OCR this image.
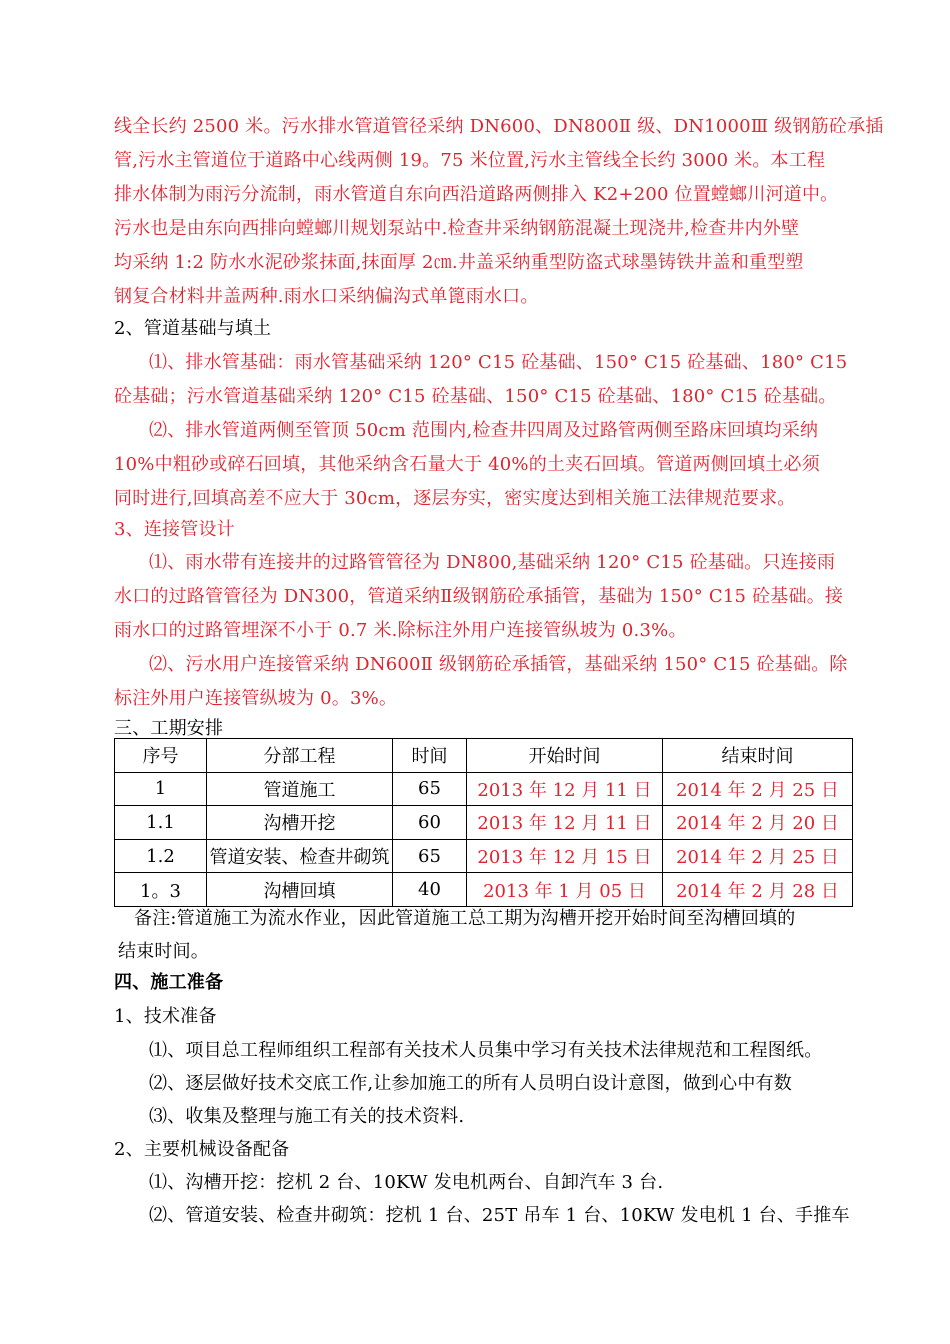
线全长约 2500 米。污水排水管道管径采纳 DN600、DN800Ⅱ 级、DN1000Ⅲ 级钢筋砼承插
管,污水主管道位于道路中心线两侧 19。75 米位置,污水主管线全长约 3000 米。本工程
排水体制为雨污分流制，雨水管道自东向西沿道路两侧排入 K2+200 位置螳螂川河道中。
污水也是由东向西排向螳螂川规划泵站中.检查井采纳钢筋混凝土现浇井,检查井内外壁
均采纳 1:2 防水水泥砂浆抹面,抹面厚 2㎝.井盖采纳重型防盗式球墨铸铁井盖和重型塑
钢复合材料井盖两种.雨水口采纳偏沟式单篦雨水口。
2、管道基础与填土
⑴、排水管基础：雨水管基础采纳 120° C15 砼基础、150° C15 砼基础、180° C15
砼基础；污水管道基础采纳 120° C15 砼基础、150° C15 砼基础、180° C15 砼基础。
⑵、排水管道两侧至管顶 50cm 范围内,检查井四周及过路管两侧至路床回填均采纳
10%中粗砂或碎石回填，其他采纳含石量大于 40%的土夹石回填。管道两侧回填土必须
同时进行,回填高差不应大于 30cm，逐层夯实，密实度达到相关施工法律规范要求。
3、连接管设计
⑴、雨水带有连接井的过路管管径为 DN800,基础采纳 120° C15 砼基础。只连接雨
水口的过路管管径为 DN300，管道采纳Ⅱ级钢筋砼承插管，基础为 150° C15 砼基础。接
雨水口的过路管埋深不小于 0.7 米.除标注外用户连接管纵坡为 0.3%。
⑵、污水用户连接管采纳 DN600Ⅱ 级钢筋砼承插管，基础采纳 150° C15 砼基础。除
标注外用户连接管纵坡为 0。3%。
三、工期安排
序号	分部工程	时间	开始时间	结束时间
1	管道施工	65	2013 年 12 月 11 日	2014 年 2 月 25 日
1.1	沟槽开挖	60	2013 年 12 月 11 日	2014 年 2 月 20 日
1.2	管道安装、检查井砌筑	65	2013 年 12 月 15 日	2014 年 2 月 25 日
1。3	沟槽回填	40	2013 年 1 月 05 日	2014 年 2 月 28 日
备注:管道施工为流水作业，因此管道施工总工期为沟槽开挖开始时间至沟槽回填的
结束时间。
四、施工准备
1、技术准备
⑴、项目总工程师组织工程部有关技术人员集中学习有关技术法律规范和工程图纸。
⑵、逐层做好技术交底工作,让参加施工的所有人员明白设计意图，做到心中有数
⑶、收集及整理与施工有关的技术资料.
2、主要机械设备配备
⑴、沟槽开挖：挖机 2 台、10KW 发电机两台、自卸汽车 3 台.
⑵、管道安装、检查井砌筑：挖机 1 台、25T 吊车 1 台、10KW 发电机 1 台、手推车
